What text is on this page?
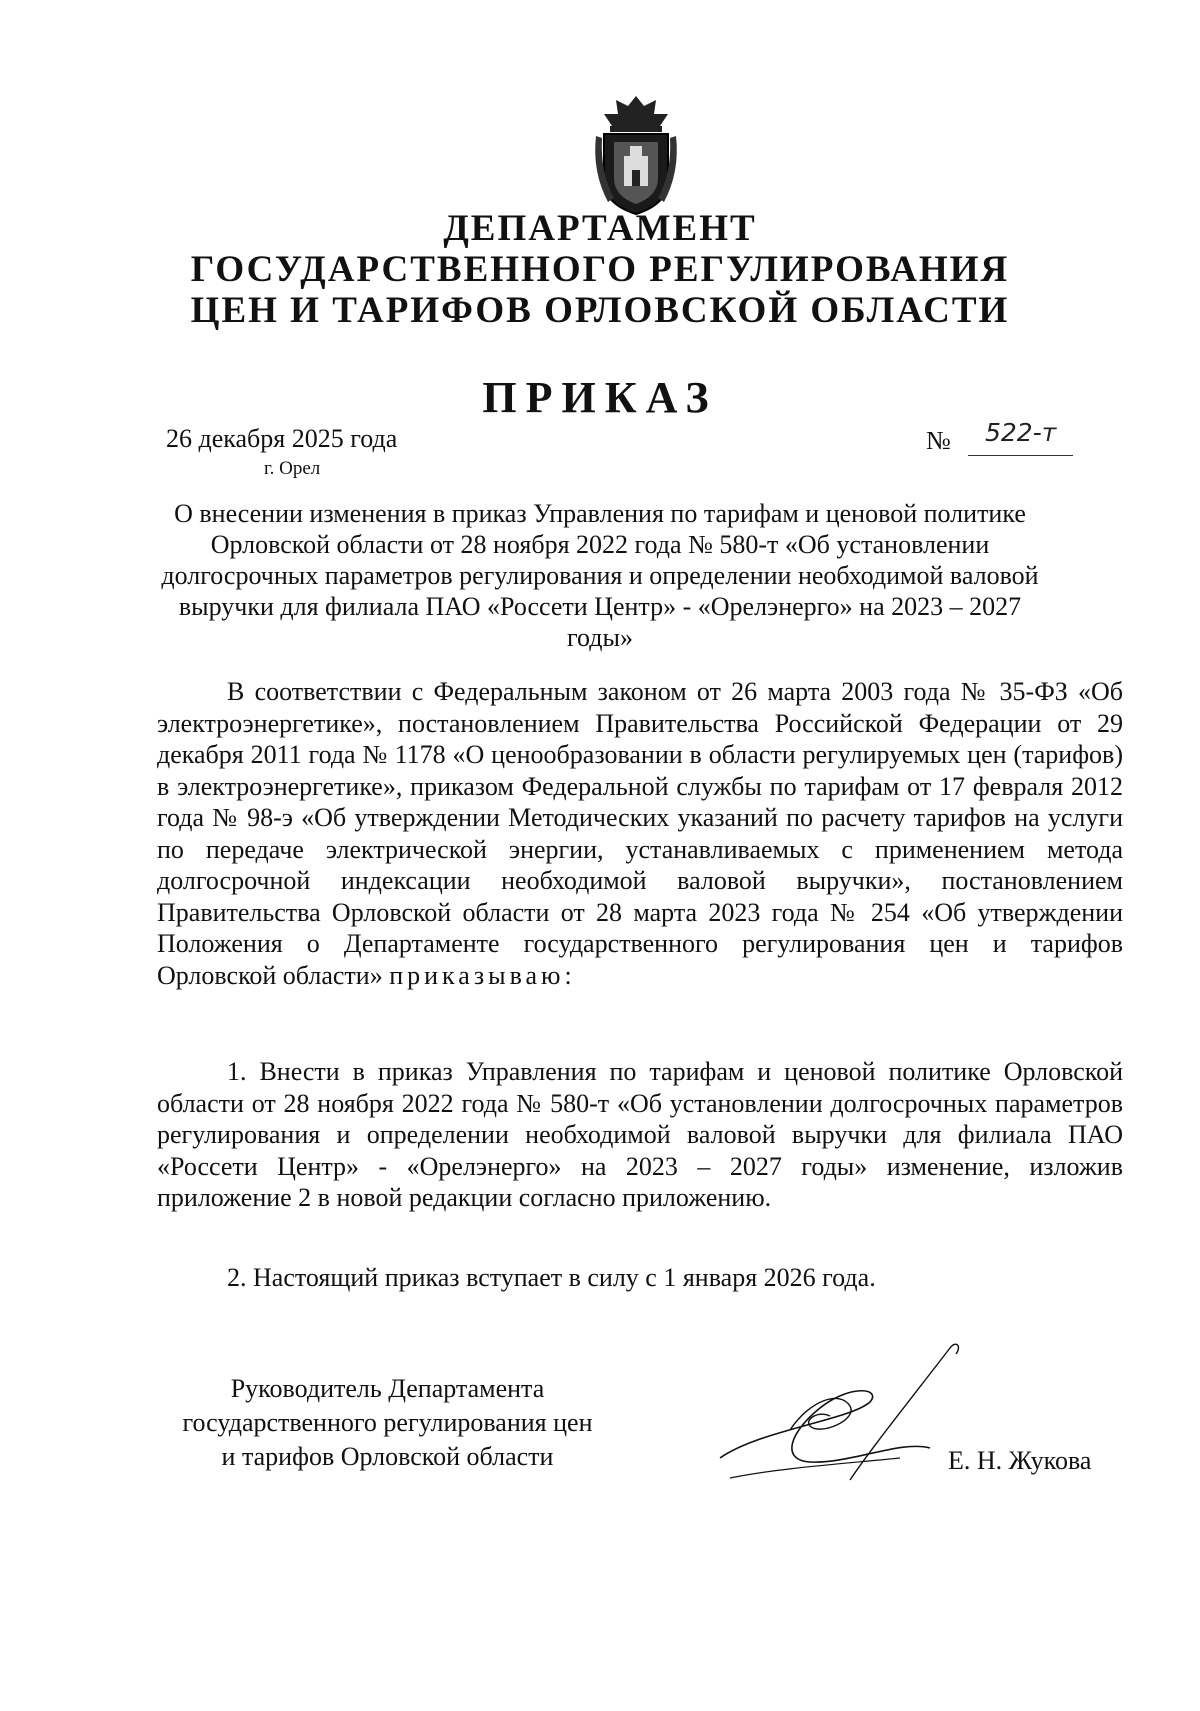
ДЕПАРТАМЕНТ
ГОСУДАРСТВЕННОГО РЕГУЛИРОВАНИЯ
ЦЕН И ТАРИФОВ ОРЛОВСКОЙ ОБЛАСТИ
ПРИКАЗ
26 декабря 2025 года
г. Орел
№ 522-т
О внесении изменения в приказ Управления по тарифам и ценовой политике Орловской области от 28 ноября 2022 года № 580-т «Об установлении долгосрочных параметров регулирования и определении необходимой валовой выручки для филиала ПАО «Россети Центр» - «Орелэнерго» на 2023 – 2027 годы»
В соответствии с Федеральным законом от 26 марта 2003 года № 35-ФЗ «Об электроэнергетике», постановлением Правительства Российской Федерации от 29 декабря 2011 года № 1178 «О ценообразовании в области регулируемых цен (тарифов) в электроэнергетике», приказом Федеральной службы по тарифам от 17 февраля 2012 года № 98-э «Об утверждении Методических указаний по расчету тарифов на услуги по передаче электрической энергии, устанавливаемых с применением метода долгосрочной индексации необходимой валовой выручки», постановлением Правительства Орловской области от 28 марта 2023 года № 254 «Об утверждении Положения о Департаменте государственного регулирования цен и тарифов Орловской области» приказываю:
1. Внести в приказ Управления по тарифам и ценовой политике Орловской области от 28 ноября 2022 года № 580-т «Об установлении долгосрочных параметров регулирования и определении необходимой валовой выручки для филиала ПАО «Россети Центр» - «Орелэнерго» на 2023 – 2027 годы» изменение, изложив приложение 2 в новой редакции согласно приложению.
2. Настоящий приказ вступает в силу с 1 января 2026 года.
Руководитель Департамента
государственного регулирования цен
и тарифов Орловской области	Е. Н. Жукова
